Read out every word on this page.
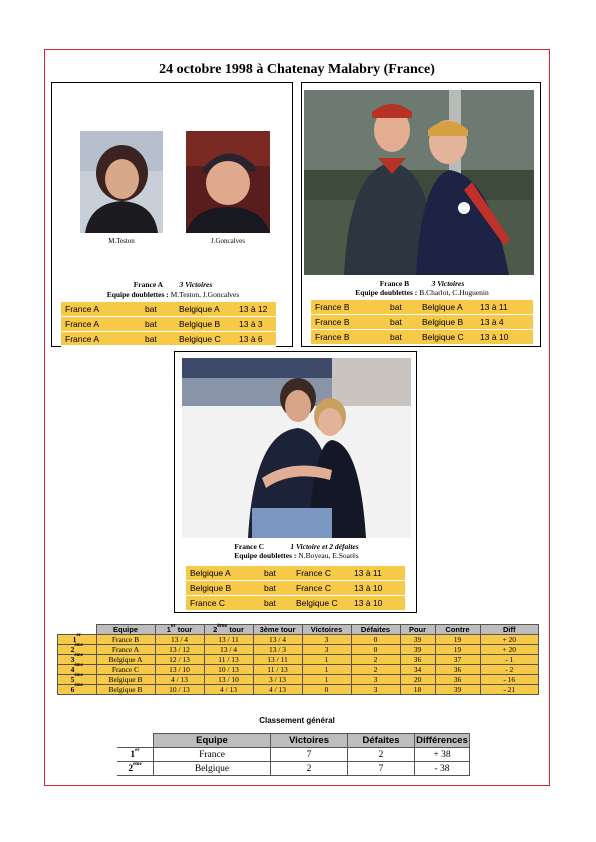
24 octobre 1998 à Chatenay Malabry (France)
M.Teston	J.Goncalves
France A 3 Victoires
Equipe doublettes : M.Teston, J.Goncalves
France A	bat	Belgique A	13 à 12
France A	bat	Belgique B	13 à 3
France A	bat	Belgique C	13 à 6
France B	3 Victoires
Equipe doublettes : B.Charlot, C.Huguenin
France B	bat	Belgique A	13 à 11
France B	bat	Belgique B	13 à 4
France B	bat	Belgique C	13 à 10
France C	1 Victoire et 2 défaites
Equipe doublettes : N.Boyeau, E.Soarès
Belgique A	bat	France C	13 à 11
Belgique B	bat	France C	13 à 10
France C	bat	Belgique C	13 à 10
	Equipe	1er tour	2ème tour	3ème tour	Victoires	Défaites	Pour	Contre	Diff
1er	France B	13 / 4	13 / 11	13 / 4	3	0	39	19	+ 20
2ème	France A	13 / 12	13 / 4	13 / 3	3	0	39	19	+ 20
3ème	Belgique A	12 / 13	11 / 13	13 / 11	1	2	36	37	- 1
4ème	France C	13 / 10	10 / 13	11 / 13	1	2	34	36	- 2
5ème	Belgique B	4 / 13	13 / 10	3 / 13	1	3	20	36	- 16
6ème	Belgique B	10 / 13	4 / 13	4 / 13	0	3	18	39	- 21
Classement général
	Equipe	Victoires	Défaites	Différences
1er	France	7	2	+ 38
2ème	Belgique	2	7	- 38
